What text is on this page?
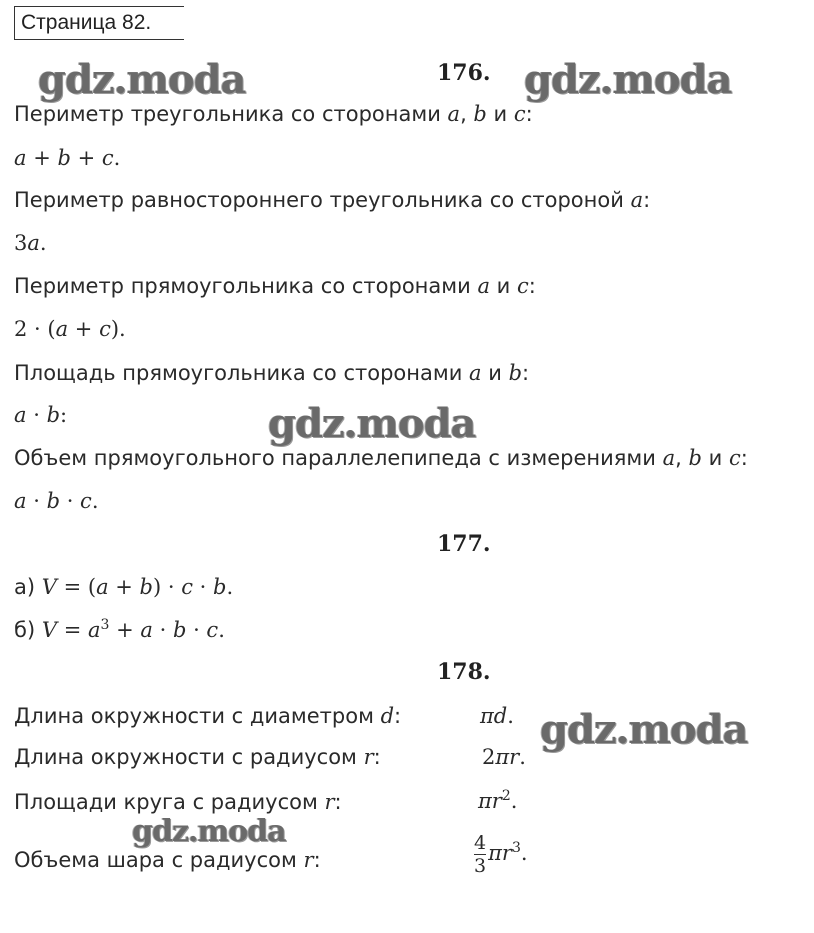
Страница 82.
gdz.moda	gdz.moda
gdz.moda
gdz.moda
gdz.moda
176.
Периметр треугольника со сторонами a, b и c:
a + b + c.
Периметр равностороннего треугольника со стороной a:
3a.
Периметр прямоугольника со сторонами a и c:
2 · (a + c).
Площадь прямоугольника со сторонами a и b:
a · b:
Объем прямоугольного параллелепипеда с измерениями a, b и c:
a · b · c.
177.
а) V = (a + b) · c · b.
б) $V = a^3 + a \cdot b \cdot c$.
178.
Длина окружности с диаметром d:	πd.
Длина окружности с радиусом r:	2πr.
Площади круга с радиусом r:	$\pi r^2$.
Объема шара с радиусом r:	$\frac{4}{3} \pi r^3$.
